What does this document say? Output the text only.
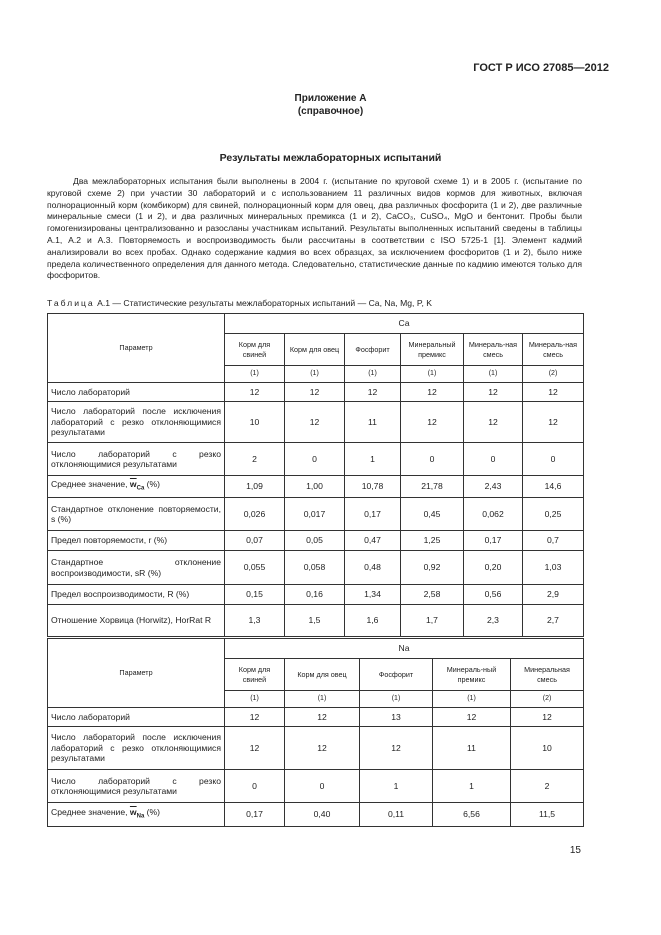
ГОСТ Р ИСО 27085—2012
Приложение А
(справочное)
Результаты межлабораторных испытаний
Два межлабораторных испытания были выполнены в 2004 г. (испытание по круговой схеме 1) и в 2005 г. (испытание по круговой схеме 2) при участии 30 лабораторий и с использованием 11 различных видов кормов для животных, включая полнорационный корм (комбикорм) для свиней, полнорационный корм для овец, два различных фосфорита (1 и 2), две различные минеральные смеси (1 и 2), и два различных минеральных премикса (1 и 2), CaCO₃, CuSO₄, MgO и бентонит. Пробы были гомогенизированы централизованно и разосланы участникам испытаний. Результаты выполненных испытаний сведены в таблицы А.1, А.2 и А.3. Повторяемость и воспроизводимость были рассчитаны в соответствии с ISO 5725-1 [1]. Элемент кадмий анализировали во всех пробах. Однако содержание кадмия во всех образцах, за исключением фосфоритов (1 и 2), было ниже предела количественного определения для данного метода. Следовательно, статистические данные по кадмию имеются только для фосфоритов.
Таблица А.1 — Статистические результаты межлабораторных испытаний — Ca, Na, Mg, P, K
Параметр	Ca					
	Корм для свиней	Корм для овец	Фосфорит	Минеральный премикс	Минераль-ная смесь	Минераль-ная смесь
	(1)	(1)	(1)	(1)	(1)	(2)
Число лабораторий	12	12	12	12	12	12
Число лабораторий после исключения лабораторий с резко отклоняющимися результатами	10	12	11	12	12	12
Число лабораторий с резко отклоняющимися результатами	2	0	1	0	0	0
Среднее значение, $\overline{w}_{Ca}$ (%)	1,09	1,00	10,78	21,78	2,43	14,6
Стандартное отклонение повторяемости, s (%)	0,026	0,017	0,17	0,45	0,062	0,25
Предел повторяемости, r (%)	0,07	0,05	0,47	1,25	0,17	0,7
Стандартное отклонение воспроизводимости, sR (%)	0,055	0,058	0,48	0,92	0,20	1,03
Предел воспроизводимости, R (%)	0,15	0,16	1,34	2,58	0,56	2,9
Отношение Хорвица (Horwitz), HorRat R	1,3	1,5	1,6	1,7	2,3	2,7
Параметр	Na				
	Корм для свиней	Корм для овец	Фосфорит	Минераль-ный премикс	Минеральная смесь
	(1)	(1)	(1)	(1)	(2)
Число лабораторий	12	12	13	12	12
Число лабораторий после исключения лабораторий с резко отклоняющимися результатами	12	12	12	11	10
Число лабораторий с резко отклоняющимися результатами	0	0	1	1	2
Среднее значение, $\overline{w}_{Na}$ (%)	0,17	0,40	0,11	6,56	11,5
15
